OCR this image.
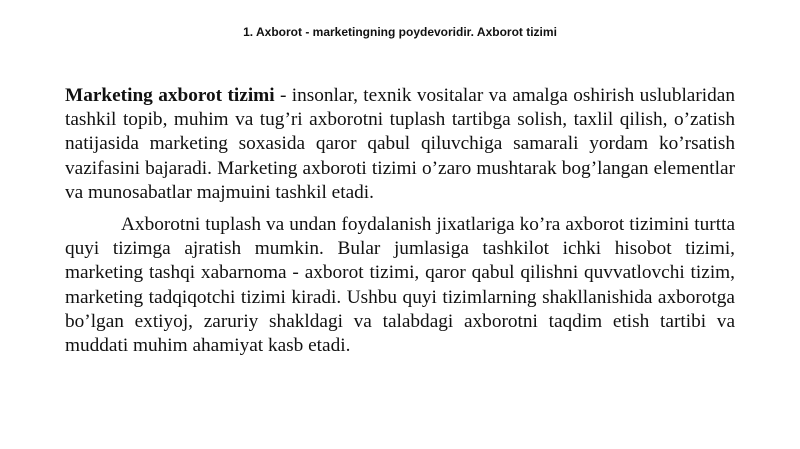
1. Axborot - marketingning poydevoridir. Axborot tizimi

Marketing axborot tizimi - insonlar, texnik vositalar va amalga oshirish uslublaridan tashkil topib, muhim va tug’ri axborotni tuplash tartibga solish, taxlil qilish, o’zatish natijasida marketing soxasida qaror qabul qiluvchiga samarali yordam ko’rsatish vazifasini bajaradi. Marketing axboroti tizimi o’zaro mushtarak bog’langan elementlar va munosabatlar majmuini tashkil etadi.

Axborotni tuplash va undan foydalanish jixatlariga ko’ra axborot tizimini turtta quyi tizimga ajratish mumkin. Bular jumlasiga tashkilot ichki hisobot tizimi, marketing tashqi xabarnoma - axborot tizimi, qaror qabul qilishni quvvatlovchi tizim, marketing tadqiqotchi tizimi kiradi. Ushbu quyi tizimlarning shakllanishida axborotga bo’lgan extiyoj, zaruriy shakldagi va talabdagi axborotni taqdim etish tartibi va muddati muhim ahamiyat kasb etadi.
